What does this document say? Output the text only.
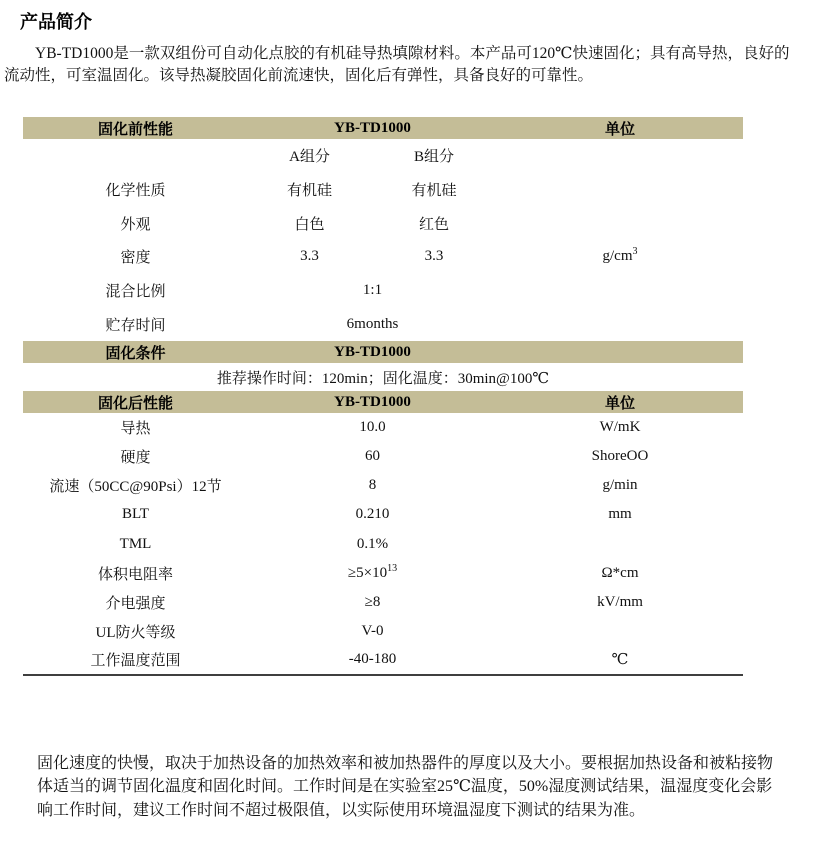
产品简介

YB-TD1000是一款双组份可自动化点胶的有机硅导热填隙材料。本产品可120℃快速固化；具有高导热，良好的流动性，可室温固化。该导热凝胶固化前流速快，固化后有弹性，具备良好的可靠性。

固化前性能	YB-TD1000		单位
	A组分	B组分	
化学性质	有机硅	有机硅	
外观	白色	红色	
密度	3.3	3.3	$g/cm^3$
混合比例	1:1		
贮存时间	6months		
固化条件	YB-TD1000		
推荐操作时间：120min；固化温度：30min@100℃			
固化后性能	YB-TD1000		单位
导热	10.0		W/mK
硬度	60		ShoreOO
流速（50CC@90Psi）12节	8		g/min
BLT	0.210		mm
TML	0.1%		
体积电阻率	$\ge 5\times 10^{13}$		Ω*cm
介电强度	≥8		kV/mm
UL防火等级	V-0		
工作温度范围	-40-180		℃

固化速度的快慢，取决于加热设备的加热效率和被加热器件的厚度以及大小。要根据加热设备和被粘接物体适当的调节固化温度和固化时间。工作时间是在实验室25℃温度，50%湿度测试结果，温湿度变化会影响工作时间，建议工作时间不超过极限值，以实际使用环境温湿度下测试的结果为准。
